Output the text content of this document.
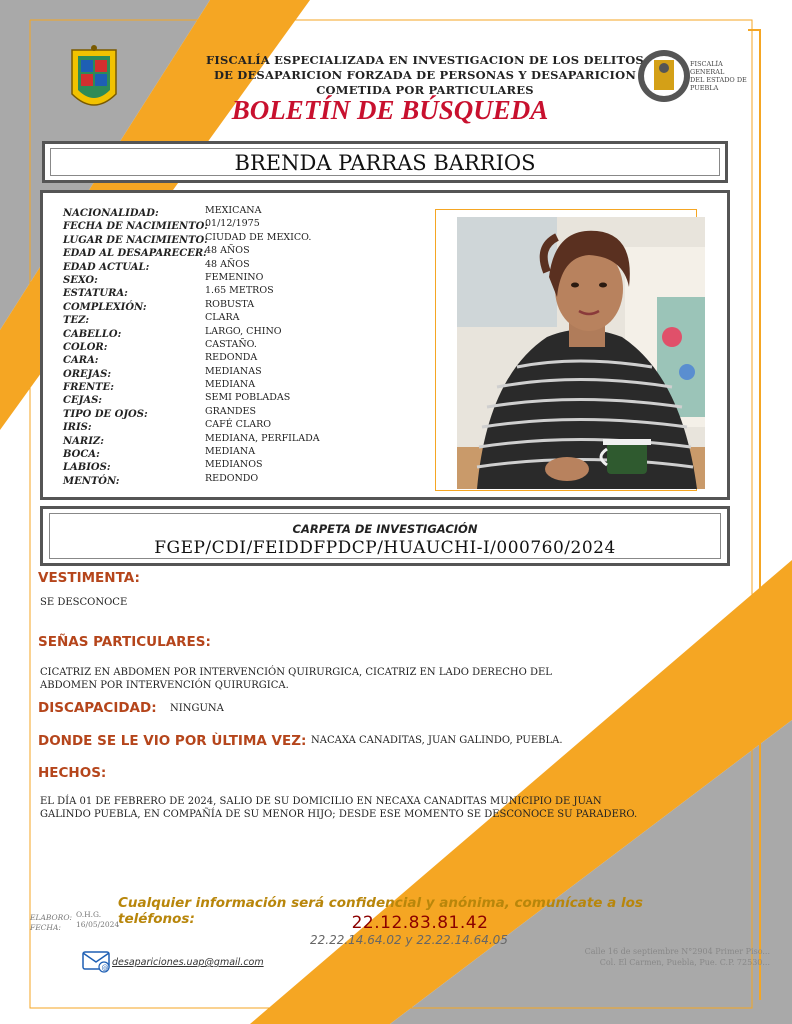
FISCALÍA ESPECIALIZADA EN INVESTIGACION DE LOS DELITOS
DE DESAPARICION FORZADA DE PERSONAS Y DESAPARICION
COMETIDA POR PARTICULARES
BOLETÍN DE BÚSQUEDA
FISCALÍA GENERAL
DEL ESTADO DE
PUEBLA
BRENDA PARRAS BARRIOS
NACIONALIDAD:	MEXICANA
FECHA DE NACIMIENTO:
01/12/1975
LUGAR DE NACIMIENTO:
CIUDAD DE MEXICO.
EDAD AL DESAPARECER:
48 AÑOS
EDAD ACTUAL:	48 AÑOS
SEXO:	FEMENINO
ESTATURA:	1.65 METROS
COMPLEXIÓN:	ROBUSTA
TEZ:	CLARA
CABELLO:	LARGO, CHINO
COLOR:	CASTAÑO.
CARA:	REDONDA
OREJAS:	MEDIANAS
FRENTE:	MEDIANA
CEJAS:	SEMI POBLADAS
TIPO DE OJOS:	GRANDES
IRIS:	CAFÉ CLARO
NARIZ:	MEDIANA, PERFILADA
BOCA:	MEDIANA
LABIOS:	MEDIANOS
MENTÓN:	REDONDO
CARPETA DE INVESTIGACIÓN
FGEP/CDI/FEIDDFPDCP/HUAUCHI-I/000760/2024
VESTIMENTA:
SE DESCONOCE
SEÑAS PARTICULARES:
CICATRIZ EN ABDOMEN POR INTERVENCIÓN QUIRURGICA, CICATRIZ EN LADO DERECHO DEL
ABDOMEN POR INTERVENCIÓN QUIRURGICA.
DISCAPACIDAD: NINGUNA
DONDE SE LE VIO POR ÙLTIMA VEZ: NACAXA CANADITAS, JUAN GALINDO, PUEBLA.
HECHOS:
EL DÍA 01 DE FEBRERO DE 2024, SALIO DE SU DOMICILIO EN NECAXA CANADITAS MUNICIPIO DE JUAN
GALINDO PUEBLA, EN COMPAÑÍA DE SU MENOR HIJO; DESDE ESE MOMENTO SE DESCONOCE SU PARADERO.
Cualquier información será confidencial y anónima, comunícate a los teléfonos:	22.12.83.81.42
22.22.14.64.02 y 22.22.14.64.05
ELABORO: O.H.G.
FECHA: 16/05/2024
Calle 16 de septiembre N°2904 Primer Piso...
Col. El Carmen, Puebla, Pue. C.P. 72530...
@ desapariciones.uap@gmail.com
